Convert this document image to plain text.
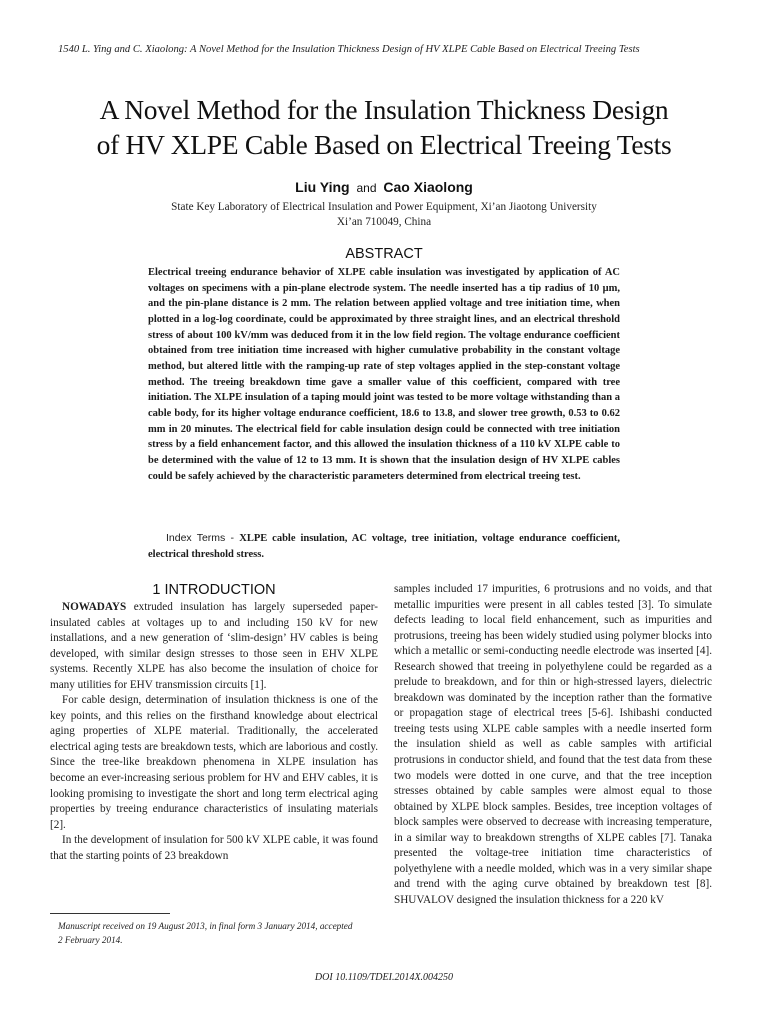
1540 L. Ying and C. Xiaolong: A Novel Method for the Insulation Thickness Design of HV XLPE Cable Based on Electrical Treeing Tests
A Novel Method for the Insulation Thickness Design
of HV XLPE Cable Based on Electrical Treeing Tests
Liu Ying and Cao Xiaolong
State Key Laboratory of Electrical Insulation and Power Equipment, Xi’an Jiaotong University
Xi’an 710049, China
ABSTRACT
Electrical treeing endurance behavior of XLPE cable insulation was investigated by application of AC voltages on specimens with a pin-plane electrode system. The needle inserted has a tip radius of 10 μm, and the pin-plane distance is 2 mm. The relation between applied voltage and tree initiation time, when plotted in a log-log coordinate, could be approximated by three straight lines, and an electrical threshold stress of about 100 kV/mm was deduced from it in the low field region. The voltage endurance coefficient obtained from tree initiation time increased with higher cumulative probability in the constant voltage method, but altered little with the ramping-up rate of step voltages applied in the step-constant voltage method. The treeing breakdown time gave a smaller value of this coefficient, compared with tree initiation. The XLPE insulation of a taping mould joint was tested to be more voltage withstanding than a cable body, for its higher voltage endurance coefficient, 18.6 to 13.8, and slower tree growth, 0.53 to 0.62 mm in 20 minutes. The electrical field for cable insulation design could be connected with tree initiation stress by a field enhancement factor, and this allowed the insulation thickness of a 110 kV XLPE cable to be determined with the value of 12 to 13 mm. It is shown that the insulation design of HV XLPE cables could be safely achieved by the characteristic parameters determined from electrical treeing test.
Index Terms - XLPE cable insulation, AC voltage, tree initiation, voltage endurance coefficient, electrical threshold stress.
1 INTRODUCTION

NOWADAYS extruded insulation has largely superseded paper-insulated cables at voltages up to and including 150 kV for new installations, and a new generation of ‘slim-design’ HV cables is being developed, with similar design stresses to those seen in EHV XLPE systems. Recently XLPE has also become the insulation of choice for many utilities for EHV transmission circuits [1].

For cable design, determination of insulation thickness is one of the key points, and this relies on the firsthand knowledge about electrical aging properties of XLPE material. Traditionally, the accelerated electrical aging tests are breakdown tests, which are laborious and costly. Since the tree-like breakdown phenomena in XLPE insulation has become an ever-increasing serious problem for HV and EHV cables, it is looking promising to investigate the short and long term electrical aging properties by treeing endurance characteristics of insulating materials [2].

In the development of insulation for 500 kV XLPE cable, it was found that the starting points of 23 breakdown

samples included 17 impurities, 6 protrusions and no voids, and that metallic impurities were present in all cables tested [3]. To simulate defects leading to local field enhancement, such as impurities and protrusions, treeing has been widely studied using polymer blocks into which a metallic or semi-conducting needle electrode was inserted [4]. Research showed that treeing in polyethylene could be regarded as a prelude to breakdown, and for thin or high-stressed layers, dielectric breakdown was dominated by the inception rather than the formative or propagation stage of electrical trees [5-6]. Ishibashi conducted treeing tests using XLPE cable samples with a needle inserted form the insulation shield as well as cable samples with artificial protrusions in conductor shield, and found that the test data from these two models were dotted in one curve, and that the tree inception stresses obtained by cable samples were almost equal to those obtained by XLPE block samples. Besides, tree inception voltages of block samples were observed to decrease with increasing temperature, in a similar way to breakdown strengths of XLPE cables [7]. Tanaka presented the voltage-tree initiation time characteristics of polyethylene with a needle molded, which was in a very similar shape and trend with the aging curve obtained by breakdown test [8]. SHUVALOV designed the insulation thickness for a 220 kV

Manuscript received on 19 August 2013, in final form 3 January 2014, accepted 2 February 2014.
DOI 10.1109/TDEI.2014X.004250
